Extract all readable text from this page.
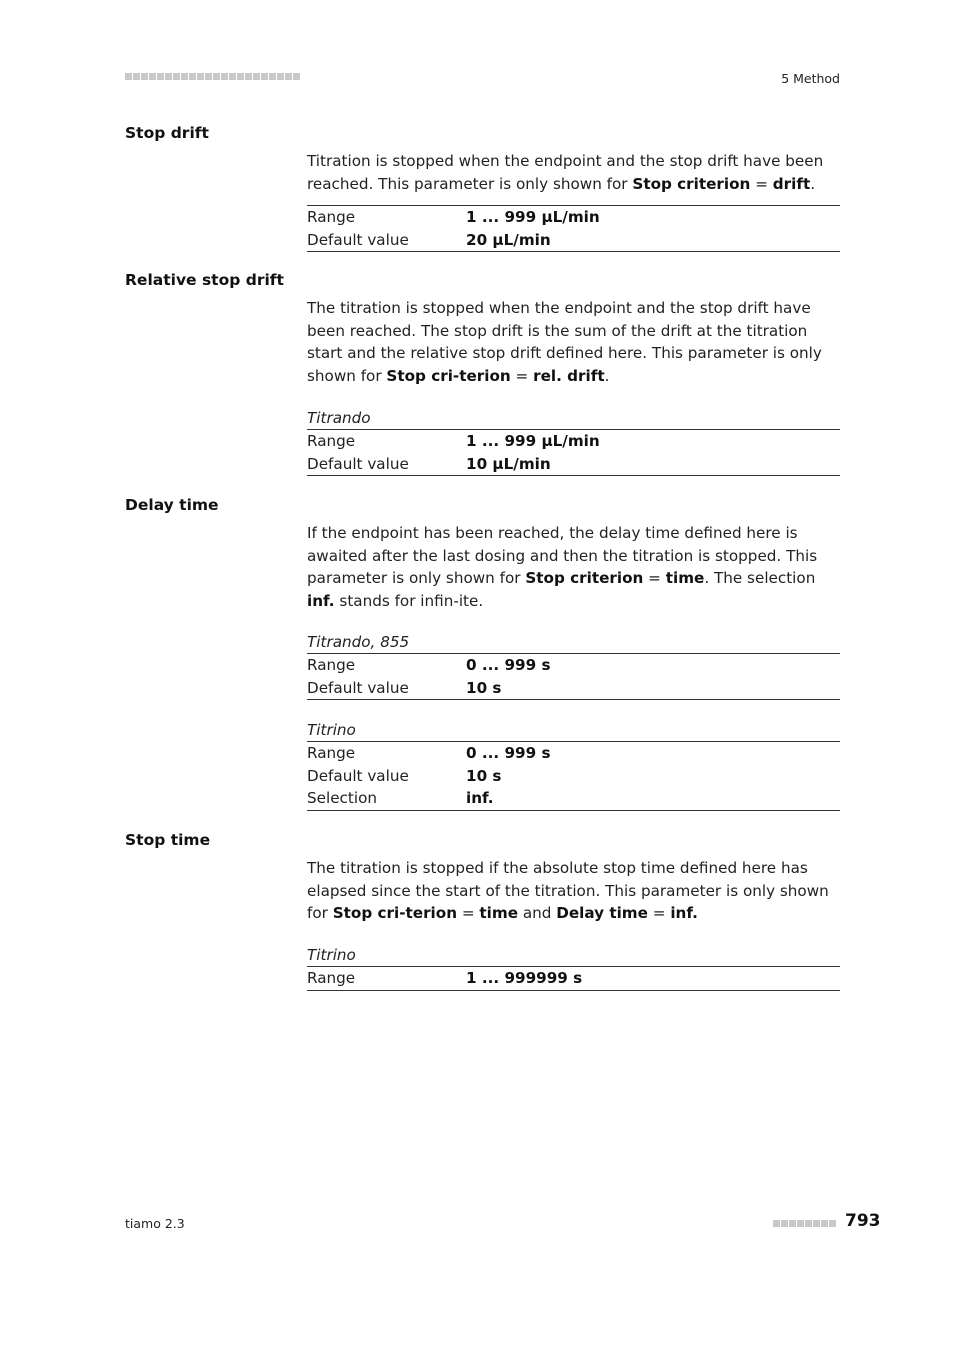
5 Method
Stop drift

Titration is stopped when the endpoint and the stop drift have been reached. This parameter is only shown for Stop criterion = drift.

Range	1 ... 999 µL/min
Default value	20 µL/min
Relative stop drift

The titration is stopped when the endpoint and the stop drift have been reached. The stop drift is the sum of the drift at the titration start and the relative stop drift defined here. This parameter is only shown for Stop cri-terion = rel. drift.

Titrando
Range	1 ... 999 µL/min
Default value	10 µL/min
Delay time

If the endpoint has been reached, the delay time defined here is awaited after the last dosing and then the titration is stopped. This parameter is only shown for Stop criterion = time. The selection inf. stands for infin-ite.

Titrando, 855
Range	0 ... 999 s
Default value	10 s
Titrino
Range	0 ... 999 s
Default value	10 s
Selection	inf.
Stop time

The titration is stopped if the absolute stop time defined here has elapsed since the start of the titration. This parameter is only shown for Stop cri-terion = time and Delay time = inf.

Titrino
Range	1 ... 999999 s
tiamo 2.3	793
